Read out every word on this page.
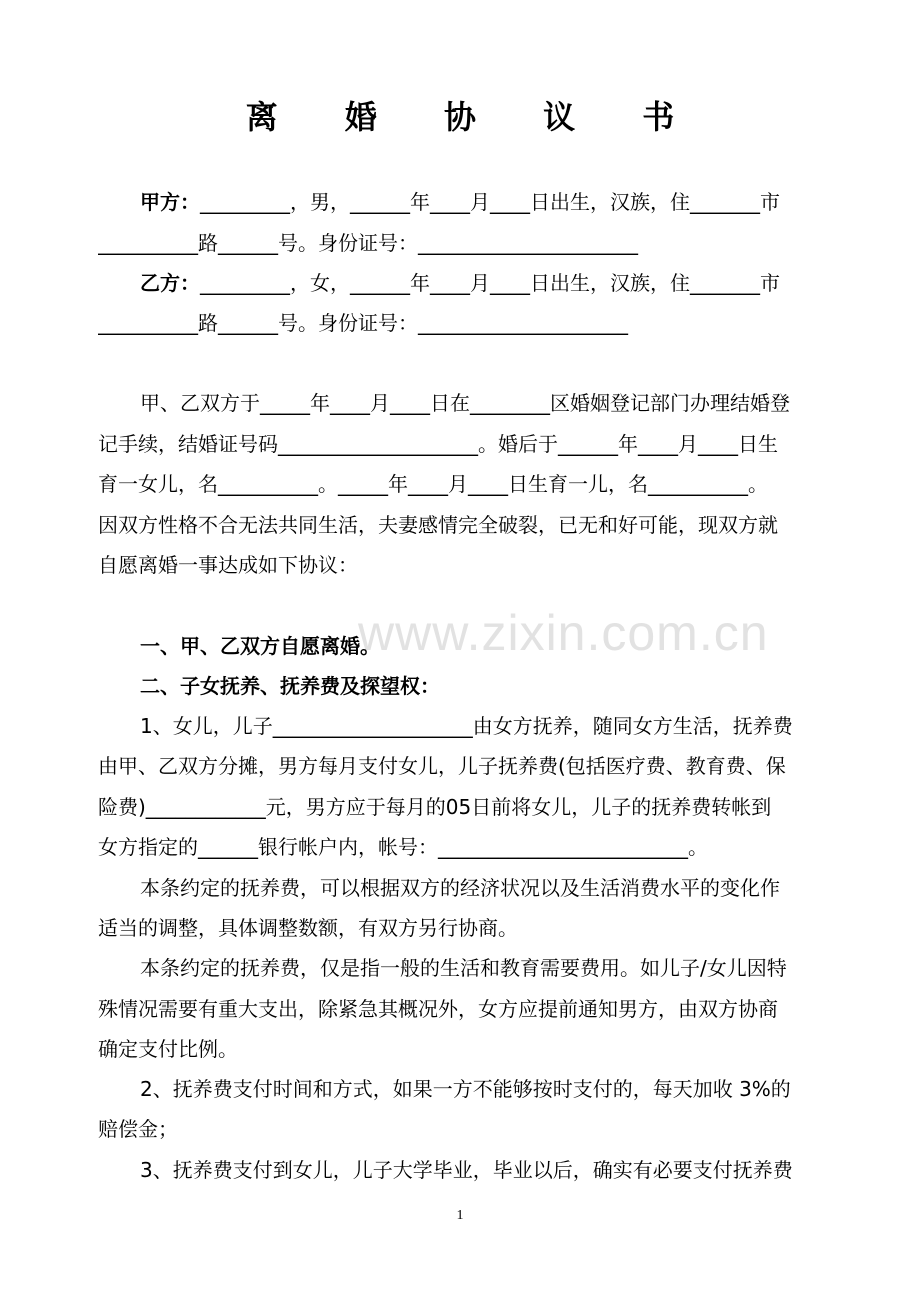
离 婚 协 议 书
甲方：_________，男，______年____月____日出生，汉族，住_______市
__________路______号。身份证号：______________________
乙方：_________，女，______年____月____日出生，汉族，住_______市
__________路______号。身份证号：_____________________
甲、乙双方于_____年____月____日在________区婚姻登记部门办理结婚登
记手续，结婚证号码____________________。婚后于______年____月____日生
育一女儿，名__________。_____年____月____日生育一儿，名__________。
因双方性格不合无法共同生活，夫妻感情完全破裂，已无和好可能，现双方就
自愿离婚一事达成如下协议：
www.zixin.com.cn
一、甲、乙双方自愿离婚。
二、子女抚养、抚养费及探望权：
1、女儿，儿子____________________由女方抚养，随同女方生活，抚养费
由甲、乙双方分摊，男方每月支付女儿，儿子抚养费(包括医疗费、教育费、保
险费)____________元，男方应于每月的05日前将女儿，儿子的抚养费转帐到
女方指定的______银行帐户内，帐号：_________________________。
本条约定的抚养费，可以根据双方的经济状况以及生活消费水平的变化作
适当的调整，具体调整数额，有双方另行协商。
本条约定的抚养费，仅是指一般的生活和教育需要费用。如儿子/女儿因特
殊情况需要有重大支出，除紧急其概况外，女方应提前通知男方，由双方协商
确定支付比例。
2、抚养费支付时间和方式，如果一方不能够按时支付的，每天加收 3%的
赔偿金；
3、抚养费支付到女儿，儿子大学毕业，毕业以后，确实有必要支付抚养费
1
